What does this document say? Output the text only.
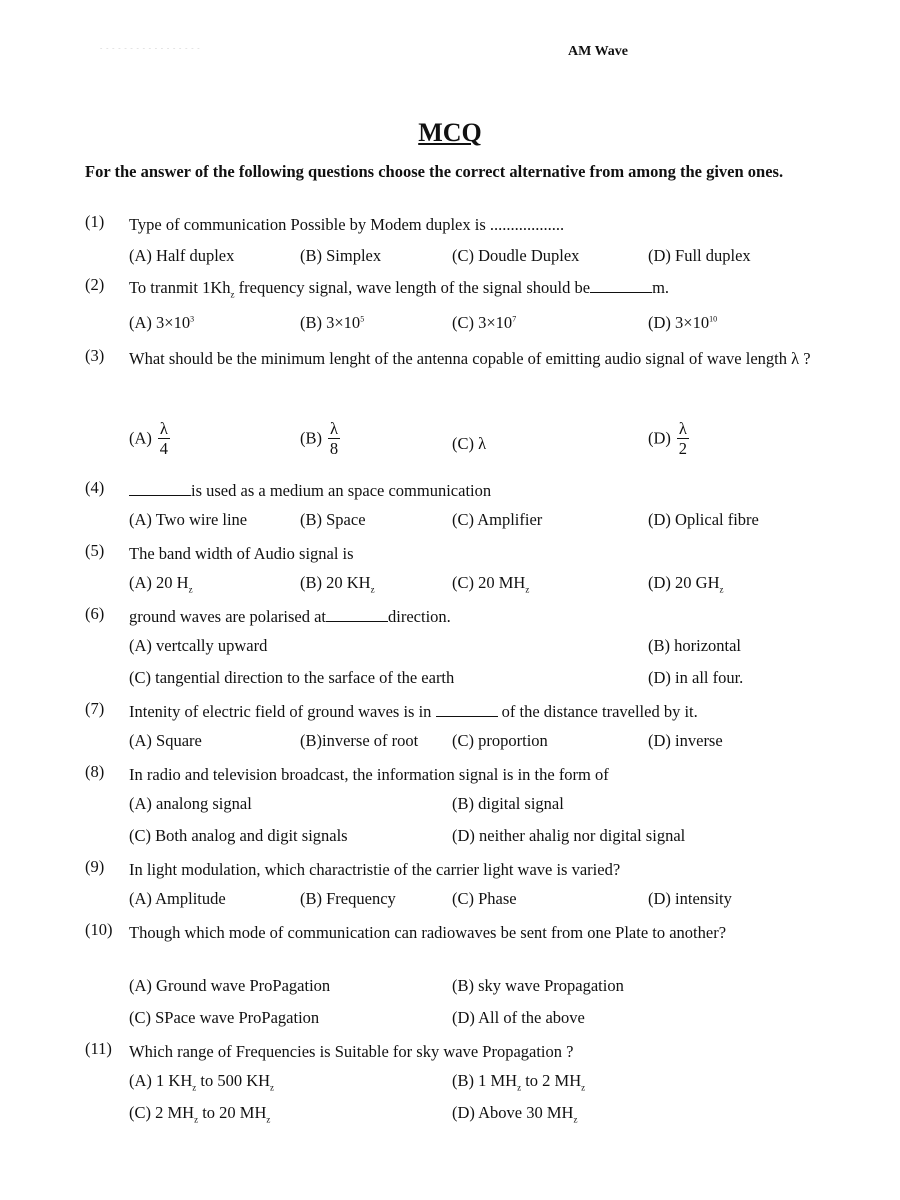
- - - - - - - - - - - - - - - - -	AM Wave
MCQ
For the answer of the following questions choose the correct alternative from among the given ones.
(1) Type of communication Possible by Modem duplex is ..................
(A) Half duplex	(B) Simplex	(C) Doudle Duplex	(D) Full duplex
(2) To tranmit $1Kh_z$ frequency signal, wave length of the signal should be	m.
(A) $3\times 10^3$	(B) $3\times 10^5$	(C) $3\times 10^7$	(D) $3\times 10^{10}$
(3) What should be the minimum lenght of the antenna copable of emitting audio signal of wave length λ ?
$(A) \frac{\lambda}{4}$	$(B) \frac{\lambda}{8}$	(C) λ	$(D) \frac{\lambda}{2}$
(4)	is used as a medium an space communication
(A) Two wire line	(B) Space	(C) Amplifier	(D) Oplical fibre
(5) The band width of Audio signal is
(A) 20 $H_z$	(B) 20 $KH_z$	(C) 20 $MH_z$	(D) 20 $GH_z$
(6) ground waves are polarised at	direction.
(A) vertcally upward	(B) horizontal
(C) tangential direction to the sarface of the earth	(D) in all four.
(7) Intenity of electric field of ground waves is in	of the distance travelled by it.
(A) Square	(B)inverse of root (C) proportion	(D) inverse
(8) In radio and television broadcast, the information signal is in the form of
(A) analong signal	(B) digital signal
(C) Both analog and digit signals	(D) neither ahalig nor digital signal
(9) In light modulation, which charactristie of the carrier light wave is varied?
(A) Amplitude	(B) Frequency	(C) Phase	(D) intensity
(10) Though which mode of communication can radiowaves be sent from one Plate to another?
(A) Ground wave ProPagation	(B) sky wave Propagation
(C) SPace wave ProPagation	(D) All of the above
(11) Which range of Frequencies is Suitable for sky wave Propagation ?
(A) 1 $KH_z$ to 500 $KH_z$	(B) 1 $MH_z$ to 2 $MH_z$
(C) 2 $MH_z$ to 20 $MH_z$	(D) Above 30 $MH_z$
